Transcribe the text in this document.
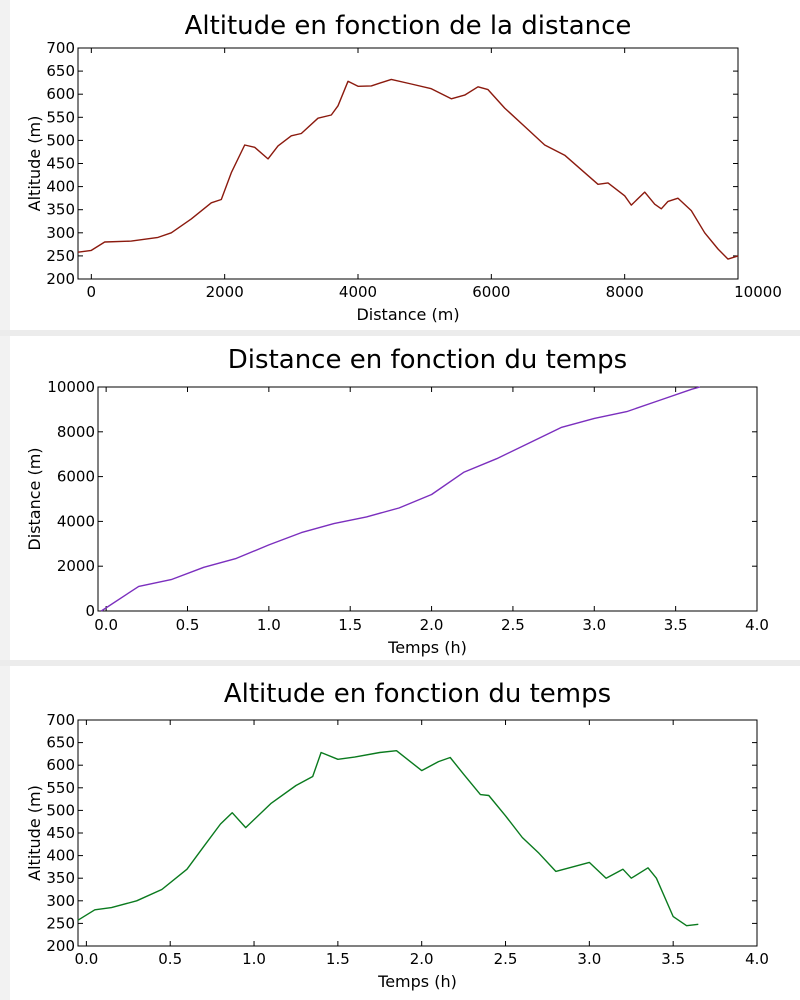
Altitude en fonction de la distance
200
250
300
350
400
450
500
550
600
650
700
0	2000	4000	6000	8000	10000
Distance (m)
Altitude (m)
Distance en fonction du temps
0
2000
4000
6000
8000
10000
0.0	0.5	1.0	1.5	2.0	2.5	3.0	3.5	4.0
Temps (h)
Distance (m)
Altitude en fonction du temps
200
250
300
350
400
450
500
550
600
650
700
0.0	0.5	1.0	1.5	2.0	2.5	3.0	3.5	4.0
Temps (h)
Altitude (m)
